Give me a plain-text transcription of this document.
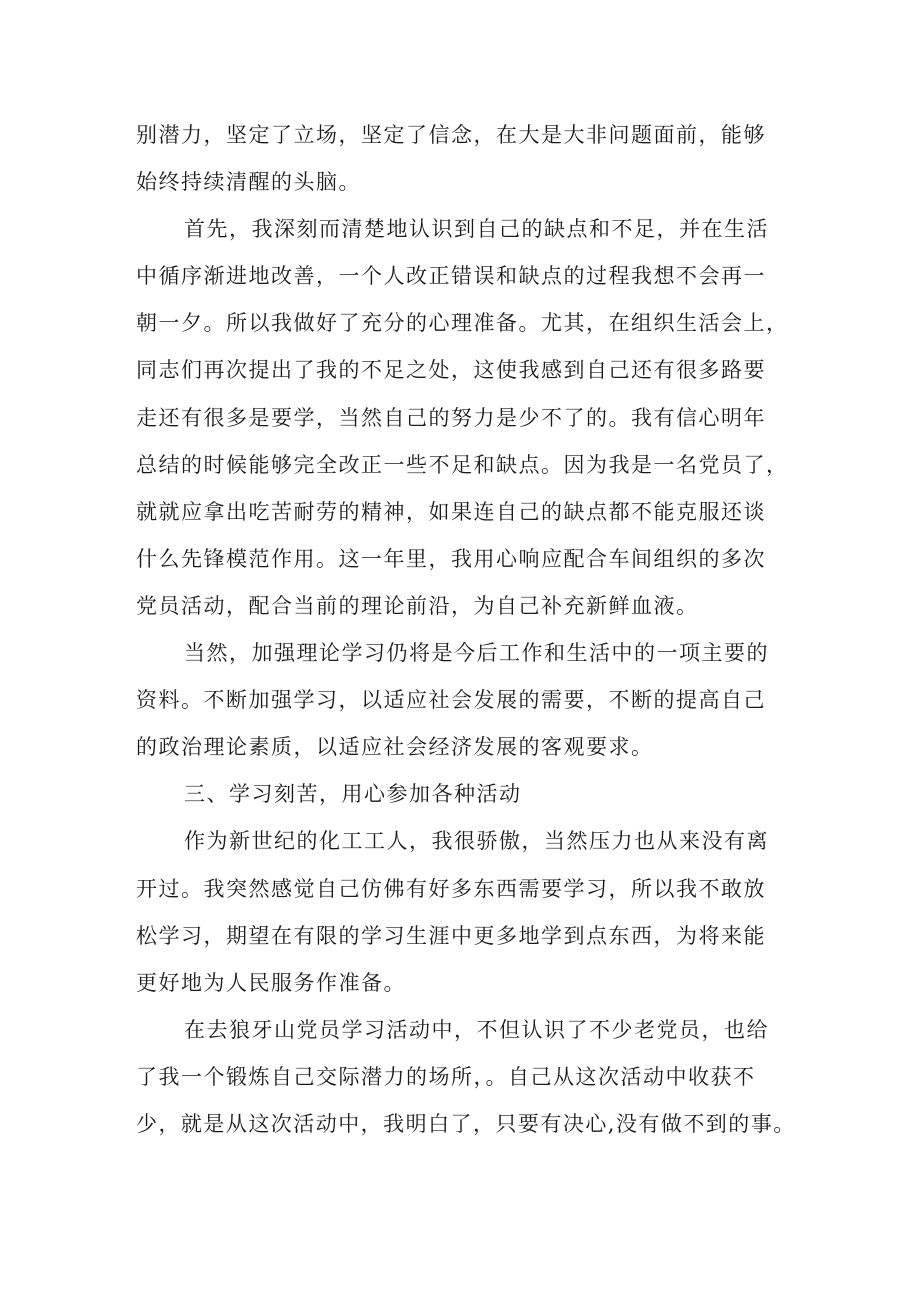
别潜力，坚定了立场，坚定了信念，在大是大非问题面前，能够
始终持续清醒的头脑。
首先，我深刻而清楚地认识到自己的缺点和不足，并在生活
中循序渐进地改善，一个人改正错误和缺点的过程我想不会再一
朝一夕。所以我做好了充分的心理准备。尤其，在组织生活会上，
同志们再次提出了我的不足之处，这使我感到自己还有很多路要
走还有很多是要学，当然自己的努力是少不了的。我有信心明年
总结的时候能够完全改正一些不足和缺点。因为我是一名党员了，
就就应拿出吃苦耐劳的精神，如果连自己的缺点都不能克服还谈
什么先锋模范作用。这一年里，我用心响应配合车间组织的多次
党员活动，配合当前的理论前沿，为自己补充新鲜血液。
当然，加强理论学习仍将是今后工作和生活中的一项主要的
资料。不断加强学习，以适应社会发展的需要，不断的提高自己
的政治理论素质，以适应社会经济发展的客观要求。
三、学习刻苦，用心参加各种活动
作为新世纪的化工工人，我很骄傲，当然压力也从来没有离
开过。我突然感觉自己仿佛有好多东西需要学习，所以我不敢放
松学习，期望在有限的学习生涯中更多地学到点东西，为将来能
更好地为人民服务作准备。
在去狼牙山党员学习活动中，不但认识了不少老党员，也给
了我一个锻炼自己交际潜力的场所，。自己从这次活动中收获不
少，就是从这次活动中，我明白了，只要有决心,没有做不到的事。
